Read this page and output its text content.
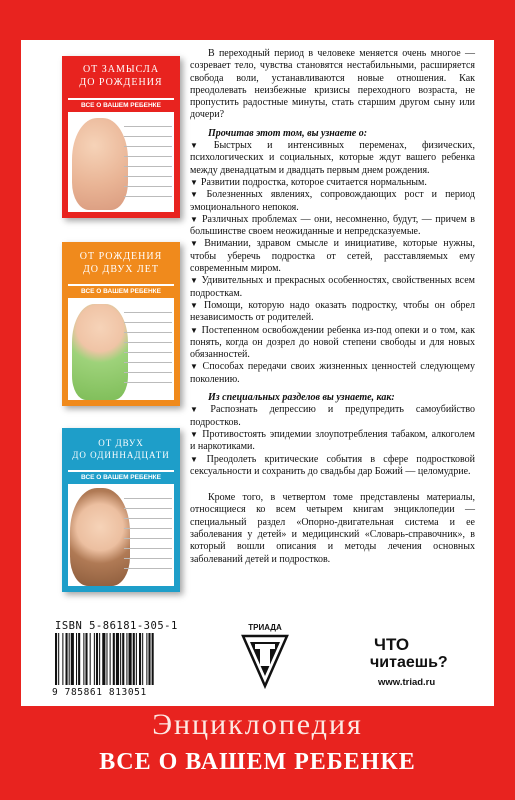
ОТ ЗАМЫСЛА
ДО РОЖДЕНИЯ
ВСЕ О ВАШЕМ РЕБЕНКЕ
ОТ РОЖДЕНИЯ
ДО ДВУХ ЛЕТ
ВСЕ О ВАШЕМ РЕБЕНКЕ
ОТ ДВУХ
ДО ОДИННАДЦАТИ
ВСЕ О ВАШЕМ РЕБЕНКЕ

В переходный период в человеке меняется очень многое — созревает тело, чувства становятся нестабильными, расширяется свобода воли, устанавливаются новые отношения. Как преодолевать неизбежные кризисы переходного возраста, не пропустить радостные минуты, стать старшим другом сыну или дочери?

Прочитав этот том, вы узнаете о:

▼ Быстрых и интенсивных переменах, физических, психологических и социальных, которые ждут вашего ребенка между двенадцатым и двадцать первым днем рождения.

▼ Развитии подростка, которое считается нормальным.

▼ Болезненных явлениях, сопровождающих рост и период эмоционального непокоя.

▼ Различных проблемах — они, несомненно, будут, — причем в большинстве своем неожиданные и непредсказуемые.

▼ Внимании, здравом смысле и инициативе, которые нужны, чтобы уберечь подростка от сетей, расставляемых ему современным миром.

▼ Удивительных и прекрасных особенностях, свойственных всем подросткам.

▼ Помощи, которую надо оказать подростку, чтобы он обрел независимость от родителей.

▼ Постепенном освобождении ребенка из-под опеки и о том, как понять, когда он дозрел до новой степени свободы и для новых обязанностей.

▼ Способах передачи своих жизненных ценностей следующему поколению.

Из специальных разделов вы узнаете, как:

▼ Распознать депрессию и предупредить самоубийство подростков.

▼ Противостоять эпидемии злоупотребления табаком, алкоголем и наркотиками.

▼ Преодолеть критические события в сфере подростковой сексуальности и сохранить до свадьбы дар Божий — целомудрие.

Кроме того, в четвертом томе представлены материалы, относящиеся ко всем четырем книгам энциклопедии — специальный раздел «Опорно-двигательная система и ее заболевания у детей» и медицинский «Словарь-справочник», в который вошли описания и методы лечения основных заболеваний детей и подростков.

ISBN 5-86181-305-1
9 785861 813051
ТРИАДА
ЧТО
читаешь?
www.triad.ru
Энциклопедия
ВСЕ О ВАШЕМ РЕБЕНКЕ
